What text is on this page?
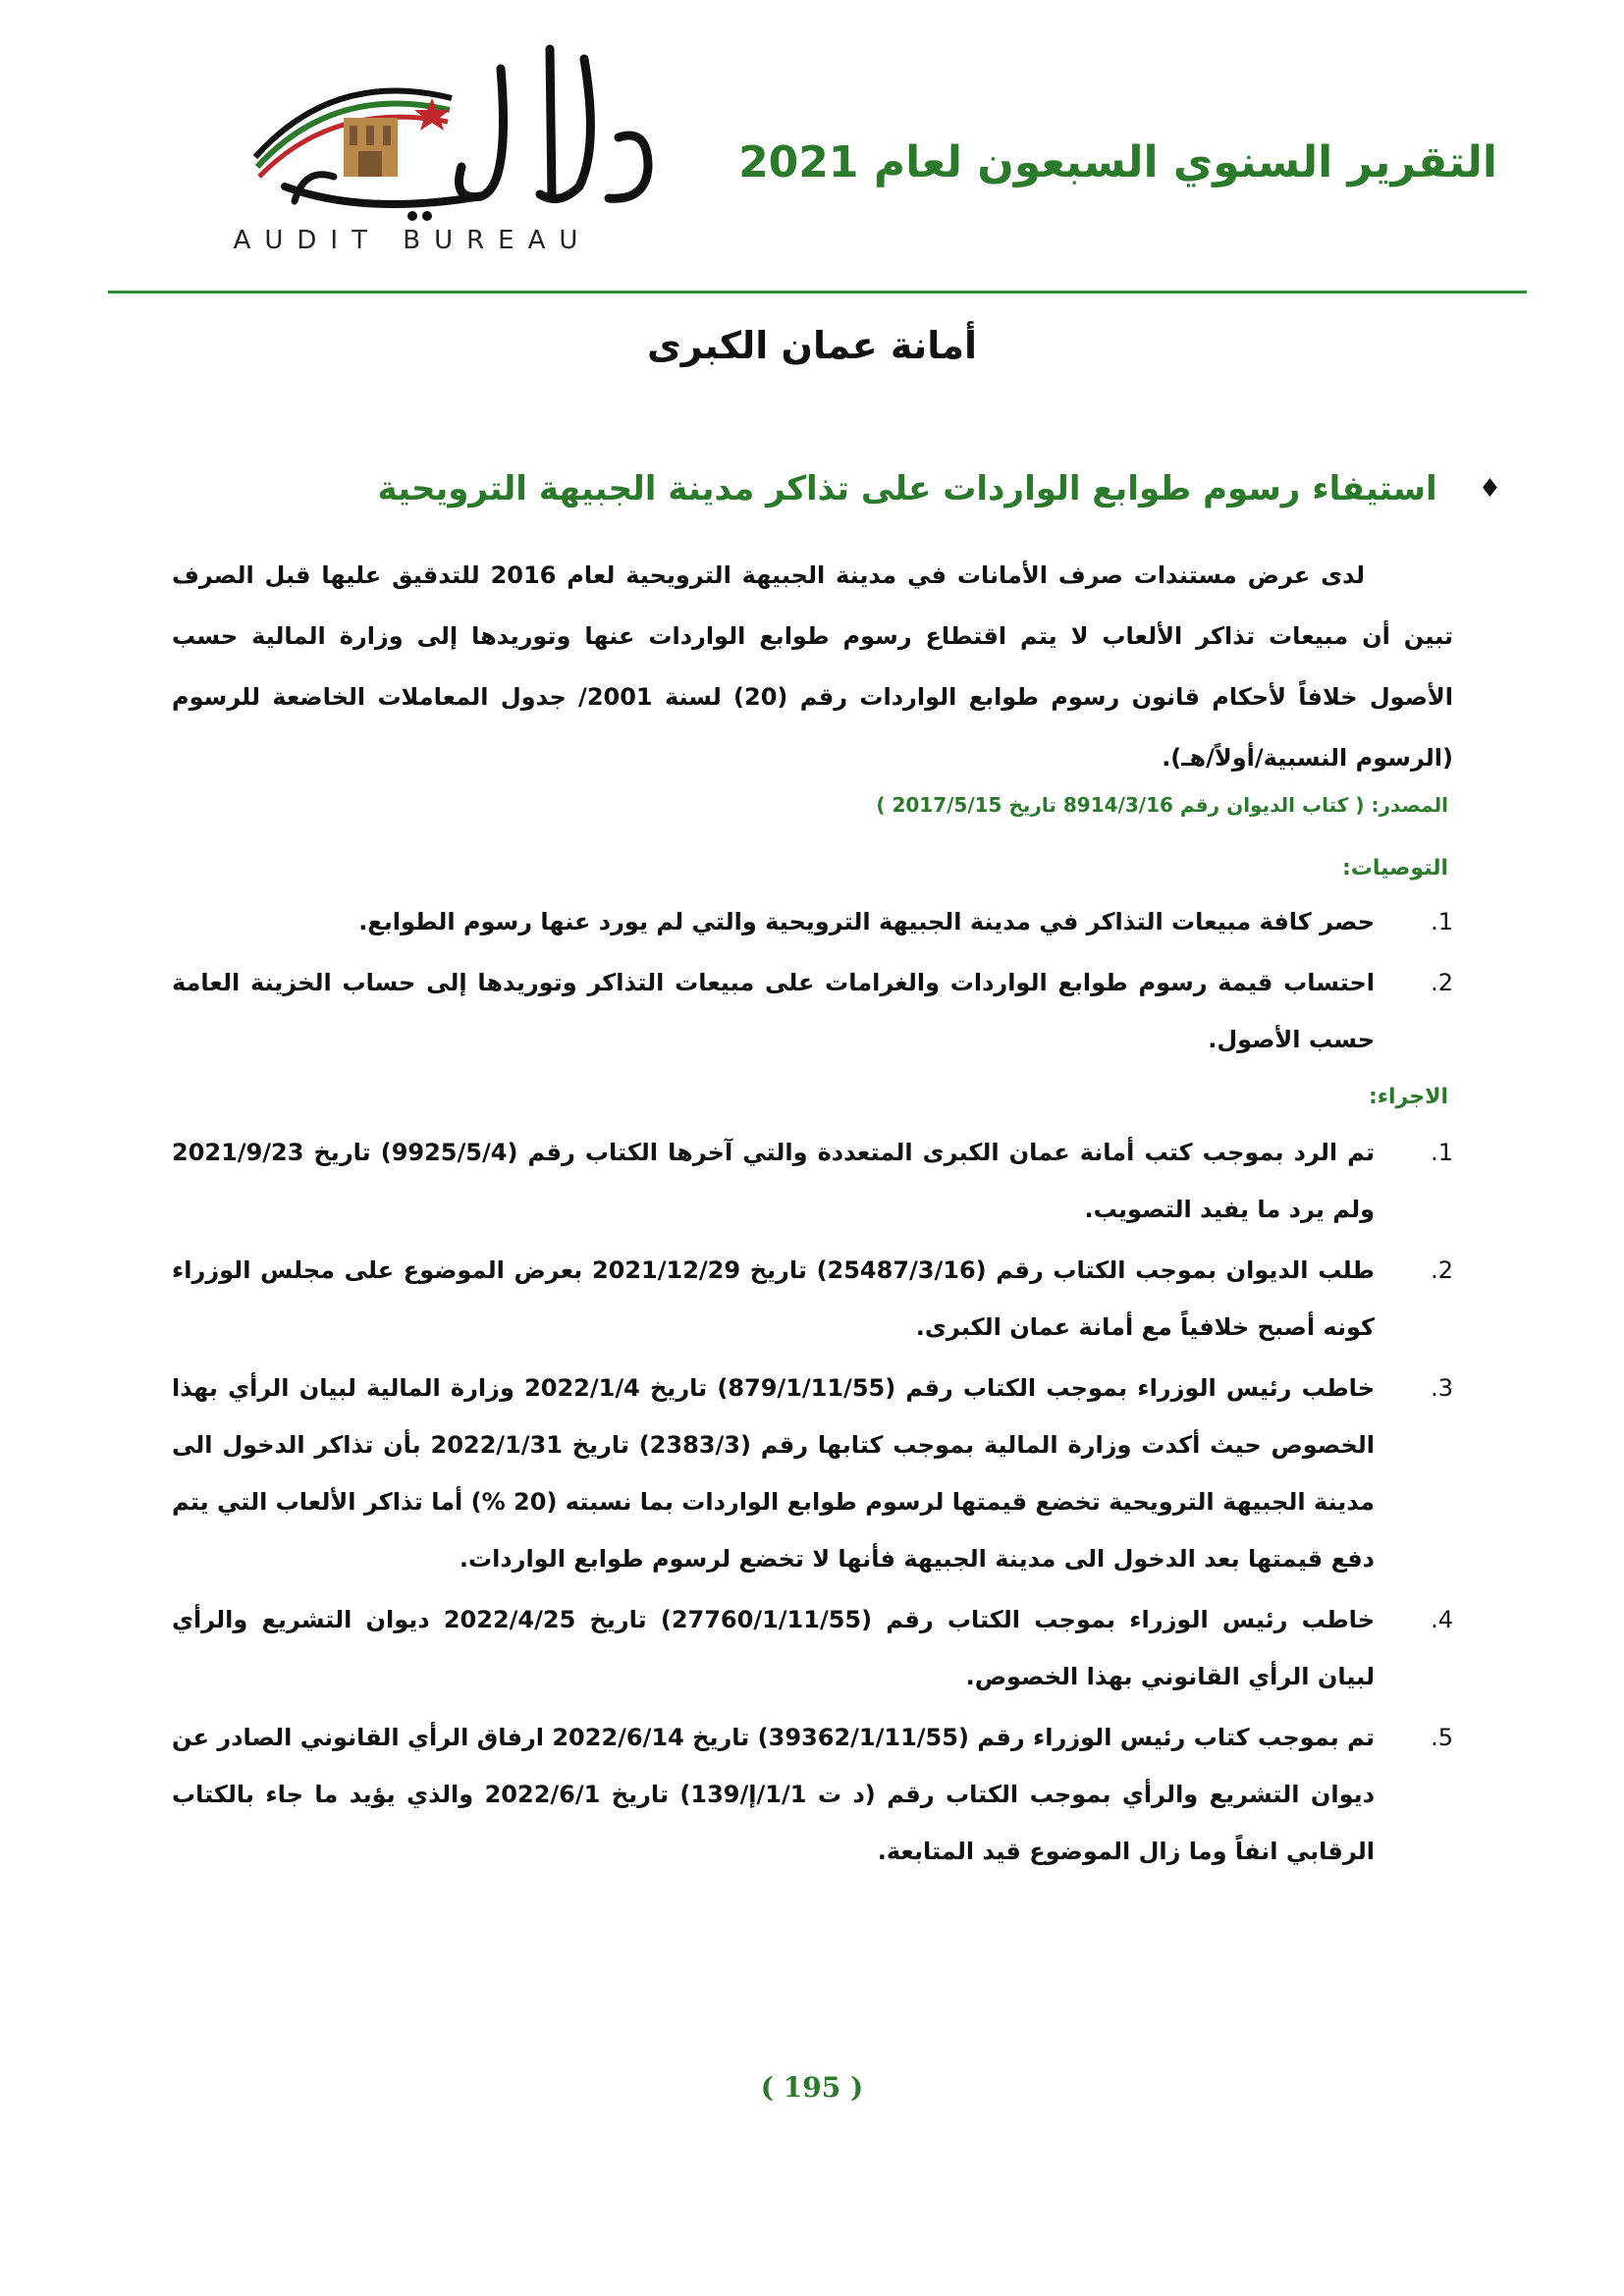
AUDIT BUREAU
التقرير السنوي السبعون لعام 2021
أمانة عمان الكبرى
♦
استيفاء رسوم طوابع الواردات على تذاكر مدينة الجبيهة الترويحية
لدى عرض مستندات صرف الأمانات في مدينة الجبيهة الترويحية لعام 2016 للتدقيق عليها قبل الصرف تبين أن مبيعات تذاكر الألعاب لا يتم اقتطاع رسوم طوابع الواردات عنها وتوريدها إلى وزارة المالية حسب الأصول خلافاً لأحكام قانون رسوم طوابع الواردات رقم (20) لسنة 2001/ جدول المعاملات الخاضعة للرسوم (الرسوم النسبية/أولاً/هـ).
المصدر: ( كتاب الديوان رقم 8914/3/16 تاريخ 2017/5/15 )
التوصيات:
1.
حصر كافة مبيعات التذاكر في مدينة الجبيهة الترويحية والتي لم يورد عنها رسوم الطوابع.
2.
احتساب قيمة رسوم طوابع الواردات والغرامات على مبيعات التذاكر وتوريدها إلى حساب الخزينة العامة حسب الأصول.
الاجراء:
1.
تم الرد بموجب كتب أمانة عمان الكبرى المتعددة والتي آخرها الكتاب رقم (9925/5/4) تاريخ 2021/9/23 ولم يرد ما يفيد التصويب.
2.
طلب الديوان بموجب الكتاب رقم (25487/3/16) تاريخ 2021/12/29 بعرض الموضوع على مجلس الوزراء كونه أصبح خلافياً مع أمانة عمان الكبرى.
3.
خاطب رئيس الوزراء بموجب الكتاب رقم (879/1/11/55) تاريخ 2022/1/4 وزارة المالية لبيان الرأي بهذا الخصوص حيث أكدت وزارة المالية بموجب كتابها رقم (2383/3) تاريخ 2022/1/31 بأن تذاكر الدخول الى مدينة الجبيهة الترويحية تخضع قيمتها لرسوم طوابع الواردات بما نسبته (20 %) أما تذاكر الألعاب التي يتم دفع قيمتها بعد الدخول الى مدينة الجبيهة فأنها لا تخضع لرسوم طوابع الواردات.
4.
خاطب رئيس الوزراء بموجب الكتاب رقم (27760/1/11/55) تاريخ 2022/4/25 ديوان التشريع والرأي لبيان الرأي القانوني بهذا الخصوص.
5.
تم بموجب كتاب رئيس الوزراء رقم (39362/1/11/55) تاريخ 2022/6/14 ارفاق الرأي القانوني الصادر عن ديوان التشريع والرأي بموجب الكتاب رقم (د ت 1/1/إ/139) تاريخ 2022/6/1 والذي يؤيد ما جاء بالكتاب الرقابي انفاً وما زال الموضوع قيد المتابعة.
( 195 )
